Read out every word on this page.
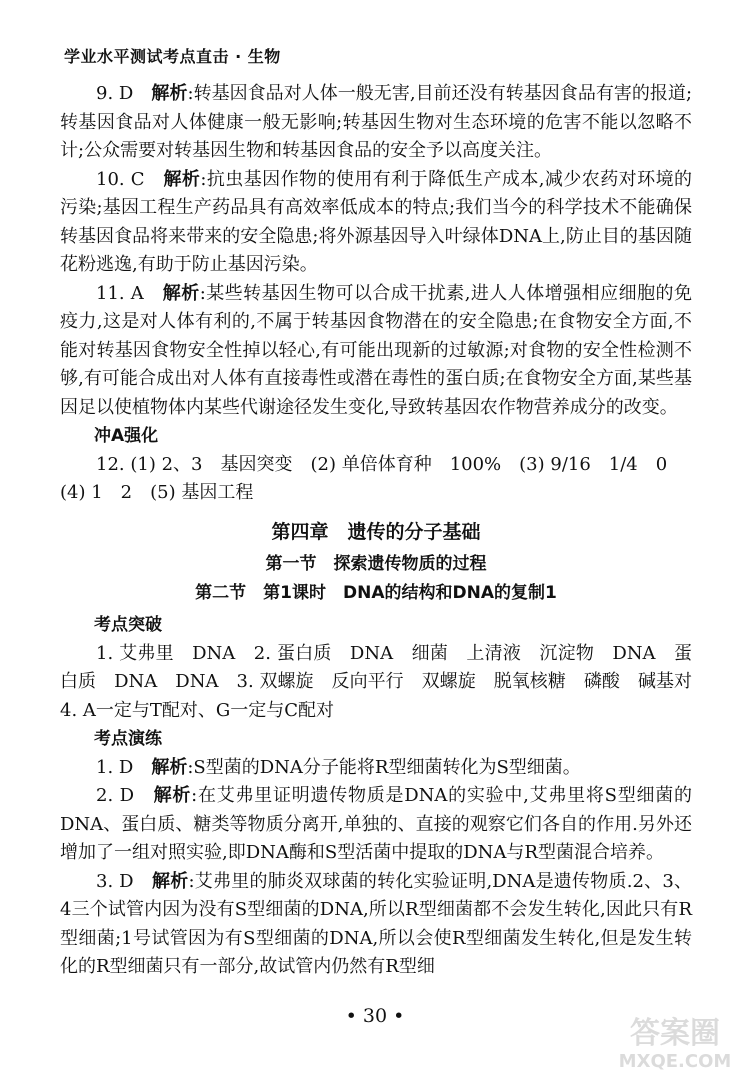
学业水平测试考点直击 · 生物

9. D　 解析:转基因食品对人体一般无害,目前还没有转基因食品有害的报道;转基因食品对人体健康一般无影响;转基因生物对生态环境的危害不能以忽略不计;公众需要对转基因生物和转基因食品的安全予以高度关注。

10. C　 解析:抗虫基因作物的使用有利于降低生产成本,减少农药对环境的污染;基因工程生产药品具有高效率低成本的特点;我们当今的科学技术不能确保转基因食品将来带来的安全隐患;将外源基因导入叶绿体DNA上,防止目的基因随花粉逃逸,有助于防止基因污染。

11. A　 解析:某些转基因生物可以合成干扰素,进人人体增强相应细胞的免疫力,这是对人体有利的,不属于转基因食物潜在的安全隐患;在食物安全方面,不能对转基因食物安全性掉以轻心,有可能出现新的过敏源;对食物的安全性检测不够,有可能合成出对人体有直接毒性或潜在毒性的蛋白质;在食物安全方面,某些基因足以使植物体内某些代谢途径发生变化,导致转基因农作物营养成分的改变。

冲A强化

12. (1) 2、3　基因突变　(2) 单倍体育种　100%　(3) 9/16　1/4　0

(4) 1　2　(5) 基因工程

第四章　遗传的分子基础

第一节　探索遗传物质的过程

第二节　第1课时　DNA的结构和DNA的复制1

考点突破

1. 艾弗里　DNA　2. 蛋白质　DNA　细菌　上清液　沉淀物　DNA　蛋白质　DNA　DNA　3. 双螺旋　反向平行　双螺旋　脱氧核糖　磷酸　碱基对　4. A一定与T配对、G一定与C配对

考点演练

1. D　 解析:S型菌的DNA分子能将R型细菌转化为S型细菌。

2. D　 解析:在艾弗里证明遗传物质是DNA的实验中,艾弗里将S型细菌的DNA、蛋白质、糖类等物质分离开,单独的、直接的观察它们各自的作用.另外还增加了一组对照实验,即DNA酶和S型活菌中提取的DNA与R型菌混合培养。

3. D　 解析:艾弗里的肺炎双球菌的转化实验证明,DNA是遗传物质.2、3、4三个试管内因为没有S型细菌的DNA,所以R型细菌都不会发生转化,因此只有R型细菌;1号试管因为有S型细菌的DNA,所以会使R型细菌发生转化,但是发生转化的R型细菌只有一部分,故试管内仍然有R型细

• 30 •	答案圈
MXQE.COM
